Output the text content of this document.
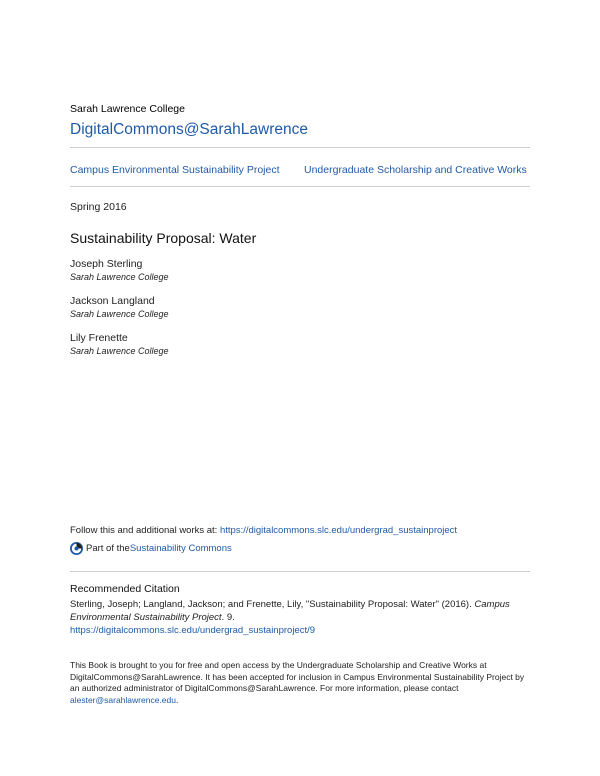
Sarah Lawrence College
DigitalCommons@SarahLawrence
Campus Environmental Sustainability Project Undergraduate Scholarship and Creative Works
Spring 2016
Sustainability Proposal: Water
Joseph Sterling
Sarah Lawrence College
Jackson Langland
Sarah Lawrence College
Lily Frenette
Sarah Lawrence College
Follow this and additional works at: https://digitalcommons.slc.edu/undergrad_sustainproject
Part of the Sustainability Commons
Recommended Citation
Sterling, Joseph; Langland, Jackson; and Frenette, Lily, "Sustainability Proposal: Water" (2016). Campus Environmental Sustainability Project. 9.
https://digitalcommons.slc.edu/undergrad_sustainproject/9
This Book is brought to you for free and open access by the Undergraduate Scholarship and Creative Works at DigitalCommons@SarahLawrence. It has been accepted for inclusion in Campus Environmental Sustainability Project by an authorized administrator of DigitalCommons@SarahLawrence. For more information, please contact alester@sarahlawrence.edu.
